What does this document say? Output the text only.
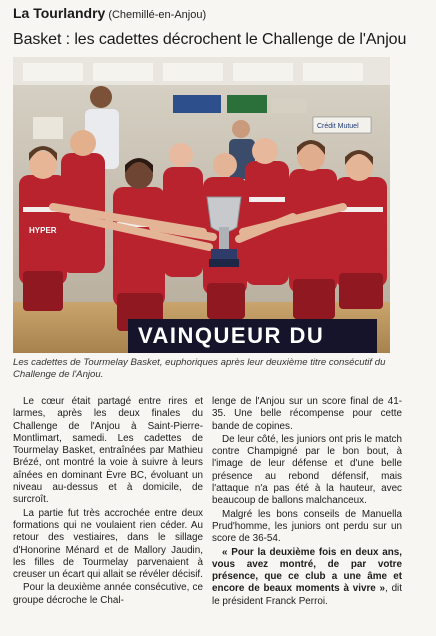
La Tourlandry (Chemillé-en-Anjou)
Basket : les cadettes décrochent le Challenge de l'Anjou
Crédit Mutuel
HYPER
VAINQUEUR DU
Les cadettes de Tourmelay Basket, euphoriques après leur deuxième titre consécutif du Challenge de l'Anjou.

Le cœur était partagé entre rires et larmes, après les deux finales du Challenge de l'Anjou à Saint-Pierre-Montlimart, samedi. Les cadettes de Tourmelay Basket, entraînées par Mathieu Brézé, ont montré la voie à suivre à leurs aînées en dominant Èvre BC, évoluant un niveau au-dessus et à domicile, de surcroît.

La partie fut très accrochée entre deux formations qui ne voulaient rien céder. Au retour des vestiaires, dans le sillage d'Honorine Ménard et de Mallory Jaudin, les filles de Tourmelay parvenaient à creuser un écart qui allait se révéler décisif.

Pour la deuxième année consécutive, ce groupe décroche le Chal-

lenge de l'Anjou sur un score final de 41-35. Une belle récompense pour cette bande de copines.

De leur côté, les juniors ont pris le match contre Champigné par le bon bout, à l'image de leur défense et d'une belle présence au rebond défensif, mais l'attaque n'a pas été à la hauteur, avec beaucoup de ballons malchanceux.

Malgré les bons conseils de Manuella Prud'homme, les juniors ont perdu sur un score de 36-54.

« Pour la deuxième fois en deux ans, vous avez montré, de par votre présence, que ce club a une âme et encore de beaux moments à vivre », dit le président Franck Perroi.
